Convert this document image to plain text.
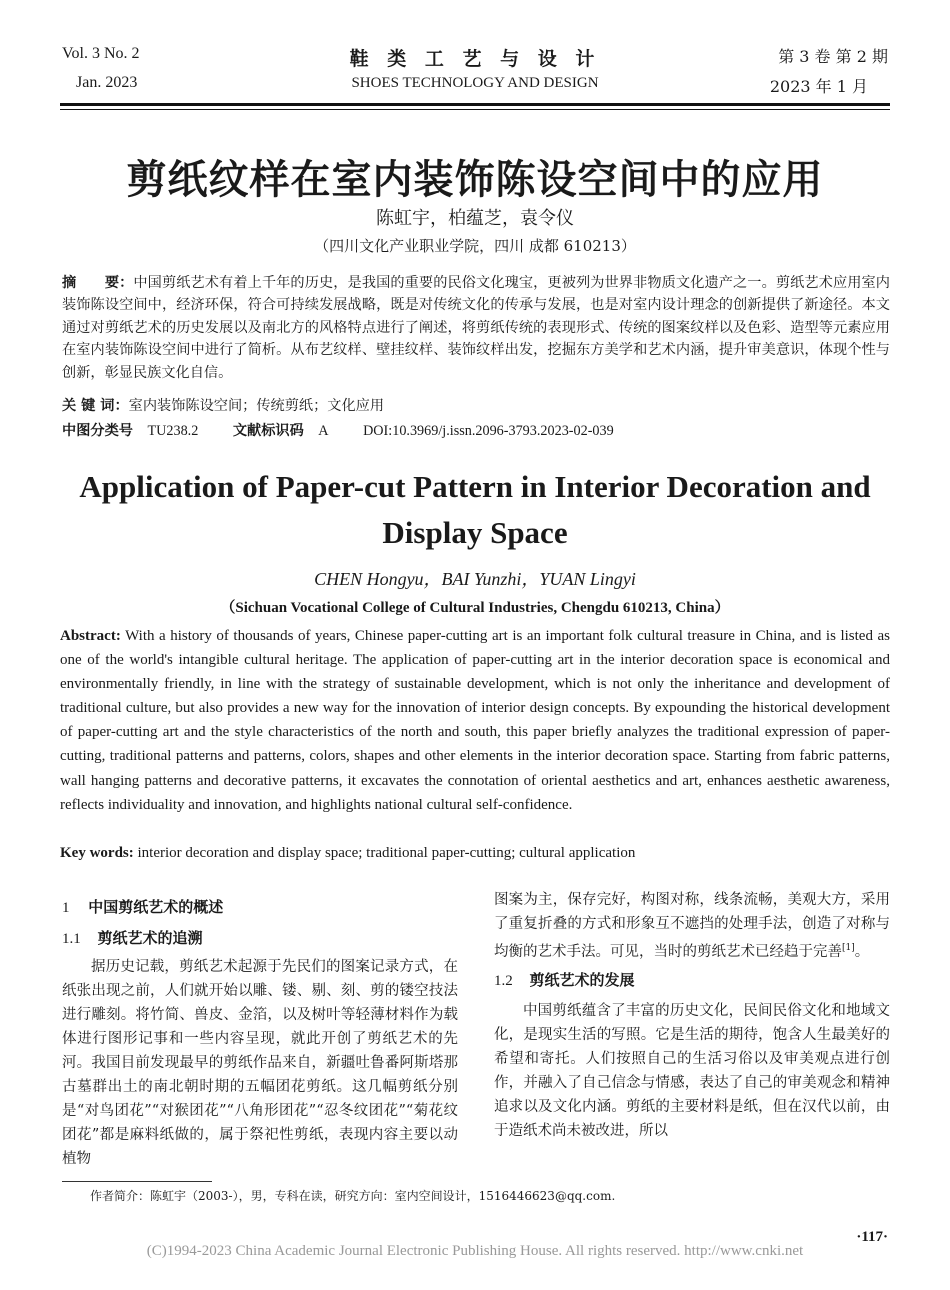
Vol. 3 No. 2
Jan. 2023
鞋 类 工 艺 与 设 计
SHOES TECHNOLOGY AND DESIGN
第 3 卷 第 2 期
2023 年 1 月
剪纸纹样在室内装饰陈设空间中的应用
陈虹宇，柏蕴芝，袁令仪
（四川文化产业职业学院，四川 成都 610213）
摘　　要：中国剪纸艺术有着上千年的历史，是我国的重要的民俗文化瑰宝，更被列为世界非物质文化遗产之一。剪纸艺术应用室内装饰陈设空间中，经济环保，符合可持续发展战略，既是对传统文化的传承与发展，也是对室内设计理念的创新提供了新途径。本文通过对剪纸艺术的历史发展以及南北方的风格特点进行了阐述，将剪纸传统的表现形式、传统的图案纹样以及色彩、造型等元素应用在室内装饰陈设空间中进行了简析。从布艺纹样、壁挂纹样、装饰纹样出发，挖掘东方美学和艺术内涵，提升审美意识，体现个性与创新，彰显民族文化自信。
关 键 词：室内装饰陈设空间；传统剪纸；文化应用
中图分类号 TU238.2 文献标识码 A DOI:10.3969/j.issn.2096-3793.2023-02-039
Application of Paper-cut Pattern in Interior Decoration and
Display Space
CHEN Hongyu，BAI Yunzhi，YUAN Lingyi
（Sichuan Vocational College of Cultural Industries, Chengdu 610213, China）
Abstract: With a history of thousands of years, Chinese paper-cutting art is an important folk cultural treasure in China, and is listed as one of the world's intangible cultural heritage. The application of paper-cutting art in the interior decoration space is economical and environmentally friendly, in line with the strategy of sustainable development, which is not only the inheritance and development of traditional culture, but also provides a new way for the innovation of interior design concepts. By expounding the historical development of paper-cutting art and the style characteristics of the north and south, this paper briefly analyzes the traditional expression of paper-cutting, traditional patterns and patterns, colors, shapes and other elements in the interior decoration space. Starting from fabric patterns, wall hanging patterns and decorative patterns, it excavates the connotation of oriental aesthetics and art, enhances aesthetic awareness, reflects individuality and innovation, and highlights national cultural self-confidence.
Key words: interior decoration and display space; traditional paper-cutting; cultural application
1 中国剪纸艺术的概述
1.1 剪纸艺术的追溯
据历史记载，剪纸艺术起源于先民们的图案记录方式，在纸张出现之前，人们就开始以雕、镂、剔、刻、剪的镂空技法进行雕刻。将竹简、兽皮、金箔，以及树叶等轻薄材料作为载体进行图形记事和一些内容呈现，就此开创了剪纸艺术的先河。我国目前发现最早的剪纸作品来自，新疆吐鲁番阿斯塔那古墓群出土的南北朝时期的五幅团花剪纸。这几幅剪纸分别是“对鸟团花”“对猴团花”“八角形团花”“忍冬纹团花”“菊花纹团花”都是麻料纸做的，属于祭祀性剪纸，表现内容主要以动植物
图案为主，保存完好，构图对称，线条流畅，美观大方，采用了重复折叠的方式和形象互不遮挡的处理手法，创造了对称与均衡的艺术手法。可见，当时的剪纸艺术已经趋于完善[1]。
1.2 剪纸艺术的发展
中国剪纸蕴含了丰富的历史文化，民间民俗文化和地域文化，是现实生活的写照。它是生活的期待，饱含人生最美好的希望和寄托。人们按照自己的生活习俗以及审美观点进行创作，并融入了自己信念与情感，表达了自己的审美观念和精神追求以及文化内涵。剪纸的主要材料是纸，但在汉代以前，由于造纸术尚未被改进，所以
作者简介：陈虹宇（2003-），男，专科在读，研究方向：室内空间设计，1516446623@qq.com.
·117·
(C)1994-2023 China Academic Journal Electronic Publishing House. All rights reserved. http://www.cnki.net
